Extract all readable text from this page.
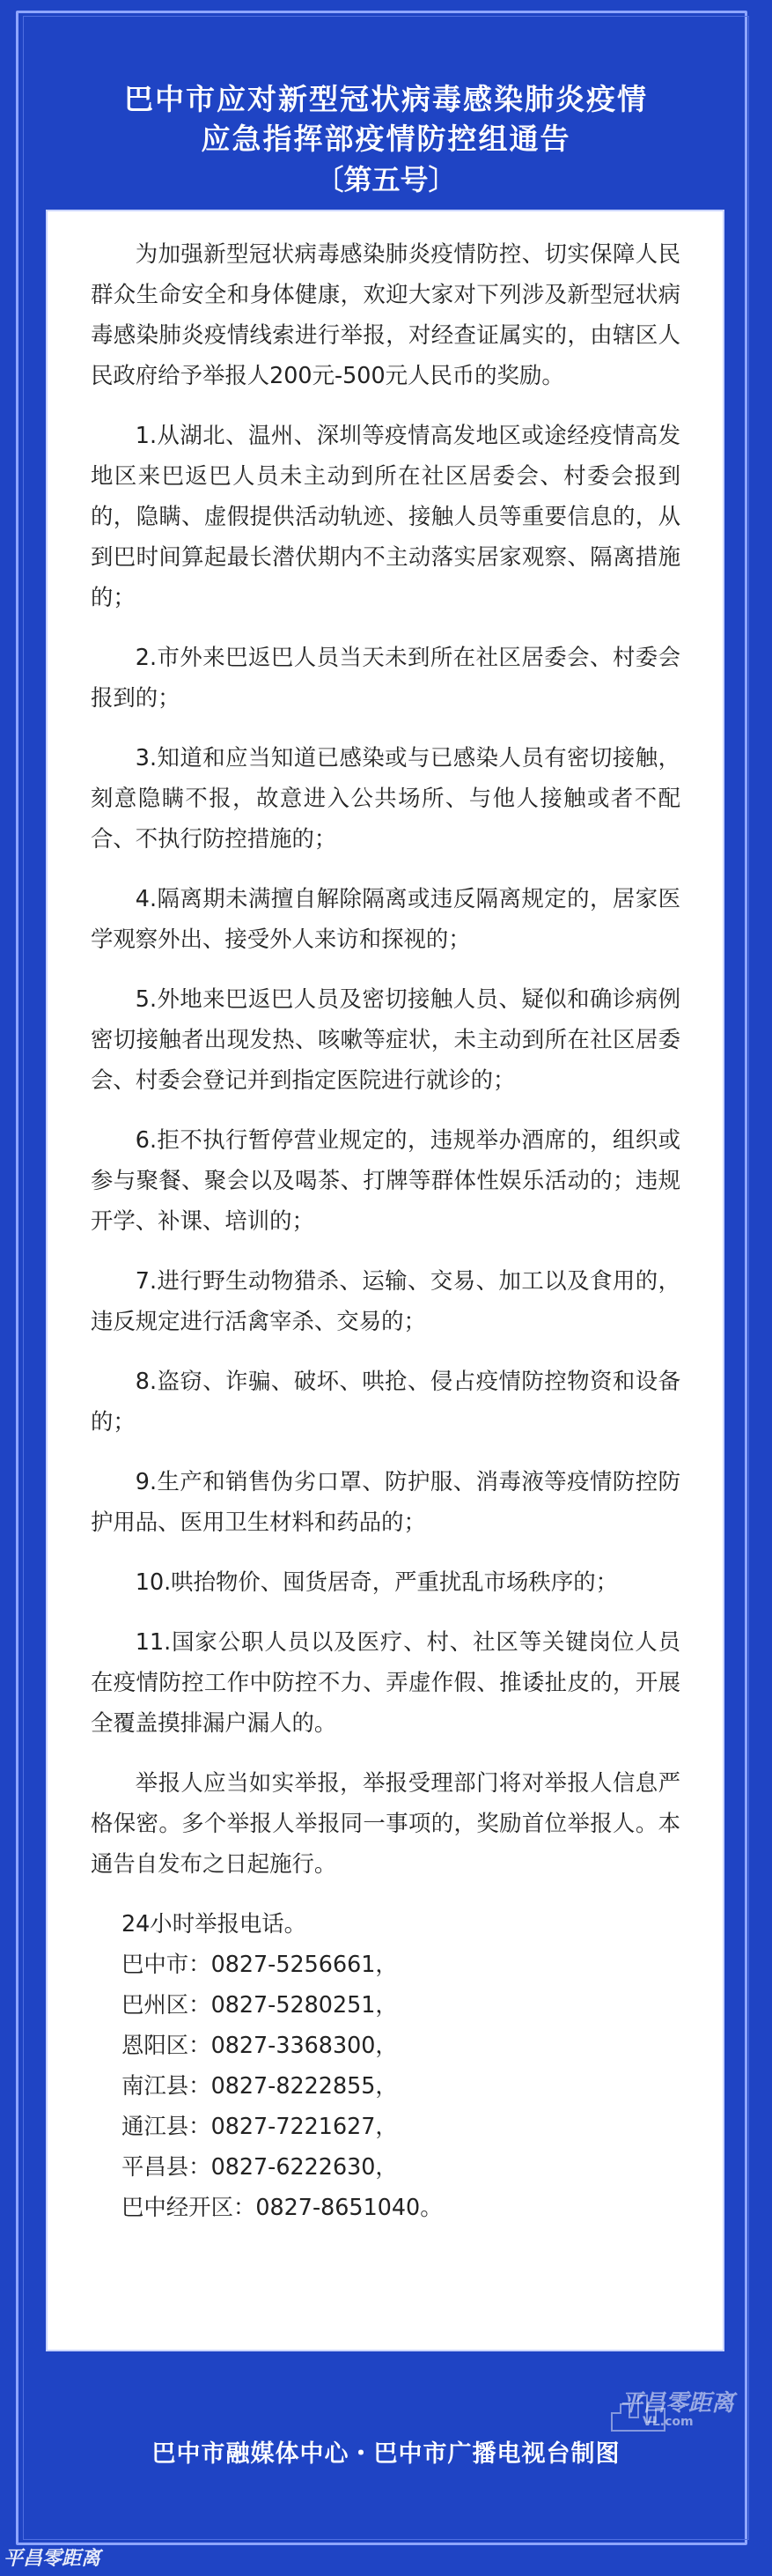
巴中市应对新型冠状病毒感染肺炎疫情
应急指挥部疫情防控组通告
〔第五号〕

为加强新型冠状病毒感染肺炎疫情防控、切实保障人民群众生命安全和身体健康，欢迎大家对下列涉及新型冠状病毒感染肺炎疫情线索进行举报，对经查证属实的，由辖区人民政府给予举报人200元-500元人民币的奖励。

1.从湖北、温州、深圳等疫情高发地区或途经疫情高发地区来巴返巴人员未主动到所在社区居委会、村委会报到的，隐瞒、虚假提供活动轨迹、接触人员等重要信息的，从到巴时间算起最长潜伏期内不主动落实居家观察、隔离措施的；

2.市外来巴返巴人员当天未到所在社区居委会、村委会报到的；

3.知道和应当知道已感染或与已感染人员有密切接触，刻意隐瞒不报，故意进入公共场所、与他人接触或者不配合、不执行防控措施的；

4.隔离期未满擅自解除隔离或违反隔离规定的，居家医学观察外出、接受外人来访和探视的；

5.外地来巴返巴人员及密切接触人员、疑似和确诊病例密切接触者出现发热、咳嗽等症状，未主动到所在社区居委会、村委会登记并到指定医院进行就诊的；

6.拒不执行暂停营业规定的，违规举办酒席的，组织或参与聚餐、聚会以及喝茶、打牌等群体性娱乐活动的；违规开学、补课、培训的；

7.进行野生动物猎杀、运输、交易、加工以及食用的，违反规定进行活禽宰杀、交易的；

8.盗窃、诈骗、破坏、哄抢、侵占疫情防控物资和设备的；

9.生产和销售伪劣口罩、防护服、消毒液等疫情防控防护用品、医用卫生材料和药品的；

10.哄抬物价、囤货居奇，严重扰乱市场秩序的；

11.国家公职人员以及医疗、村、社区等关键岗位人员在疫情防控工作中防控不力、弄虚作假、推诿扯皮的，开展全覆盖摸排漏户漏人的。

举报人应当如实举报，举报受理部门将对举报人信息严格保密。多个举报人举报同一事项的，奖励首位举报人。本通告自发布之日起施行。

24小时举报电话。

巴中市：0827-5256661，

巴州区：0827-5280251，

恩阳区：0827-3368300，

南江县：0827-8222855，

通江县：0827-7221627，

平昌县：0827-6222630，

巴中经开区：0827-8651040。

平昌零距离
VL.com
巴中市融媒体中心・巴中市广播电视台制图
平昌零距离
